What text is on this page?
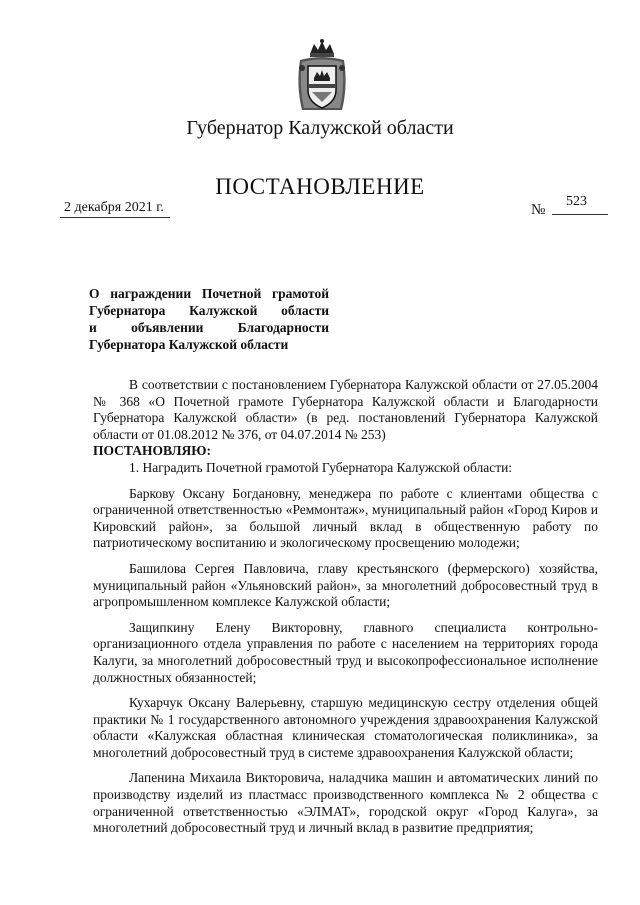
Губернатор Калужской области
ПОСТАНОВЛЕНИЕ
2 декабря 2021 г.	№
523
О награждении Почетной грамотой
Губернатора Калужской области
и объявлении Благодарности
Губернатора Калужской области

В соответствии с постановлением Губернатора Калужской области от 27.05.2004 № 368 «О Почетной грамоте Губернатора Калужской области и Благодарности Губернатора Калужской области» (в ред. постановлений Губернатора Калужской области от 01.08.2012 № 376, от 04.07.2014 № 253)

ПОСТАНОВЛЯЮ:

1. Наградить Почетной грамотой Губернатора Калужской области:

Баркову Оксану Богдановну, менеджера по работе с клиентами общества с ограниченной ответственностью «Реммонтаж», муниципальный район «Город Киров и Кировский район», за большой личный вклад в общественную работу по патриотическому воспитанию и экологическому просвещению молодежи;

Башилова Сергея Павловича, главу крестьянского (фермерского) хозяйства, муниципальный район «Ульяновский район», за многолетний добросовестный труд в агропромышленном комплексе Калужской области;

Защипкину Елену Викторовну, главного специалиста контрольно-организационного отдела управления по работе с населением на территориях города Калуги, за многолетний добросовестный труд и высокопрофессиональное исполнение должностных обязанностей;

Кухарчук Оксану Валерьевну, старшую медицинскую сестру отделения общей практики № 1 государственного автономного учреждения здравоохранения Калужской области «Калужская областная клиническая стоматологическая поликлиника», за многолетний добросовестный труд в системе здравоохранения Калужской области;

Лапенина Михаила Викторовича, наладчика машин и автоматических линий по производству изделий из пластмасс производственного комплекса № 2 общества с ограниченной ответственностью «ЭЛМАТ», городской округ «Город Калуга», за многолетний добросовестный труд и личный вклад в развитие предприятия;
